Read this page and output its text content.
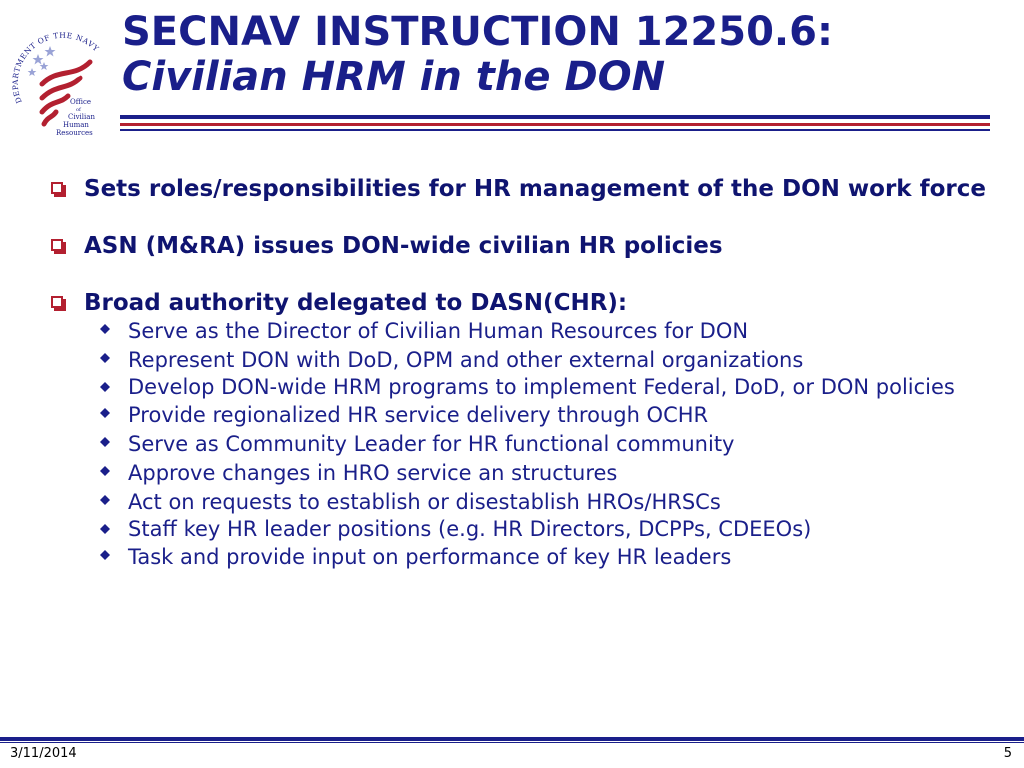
DEPARTMENT OF THE NAVY
Office
of
Civilian
Human
Resources
SECNAV INSTRUCTION 12250.6:
Civilian HRM in the DON

Sets roles/responsibilities for HR management of the DON work force

ASN (M&RA) issues DON-wide civilian HR policies

Broad authority delegated to DASN(CHR):

Serve as the Director of Civilian Human Resources for DON
Represent DON with DoD, OPM and other external organizations
Develop DON-wide HRM programs to implement Federal, DoD, or DON policies
Provide regionalized HR service delivery through OCHR
Serve as Community Leader for HR functional community
Approve changes in HRO service an structures
Act on requests to establish or disestablish HROs/HRSCs
Staff key HR leader positions (e.g. HR Directors, DCPPs, CDEEOs)
Task and provide input on performance of key HR leaders
3/11/2014	5
